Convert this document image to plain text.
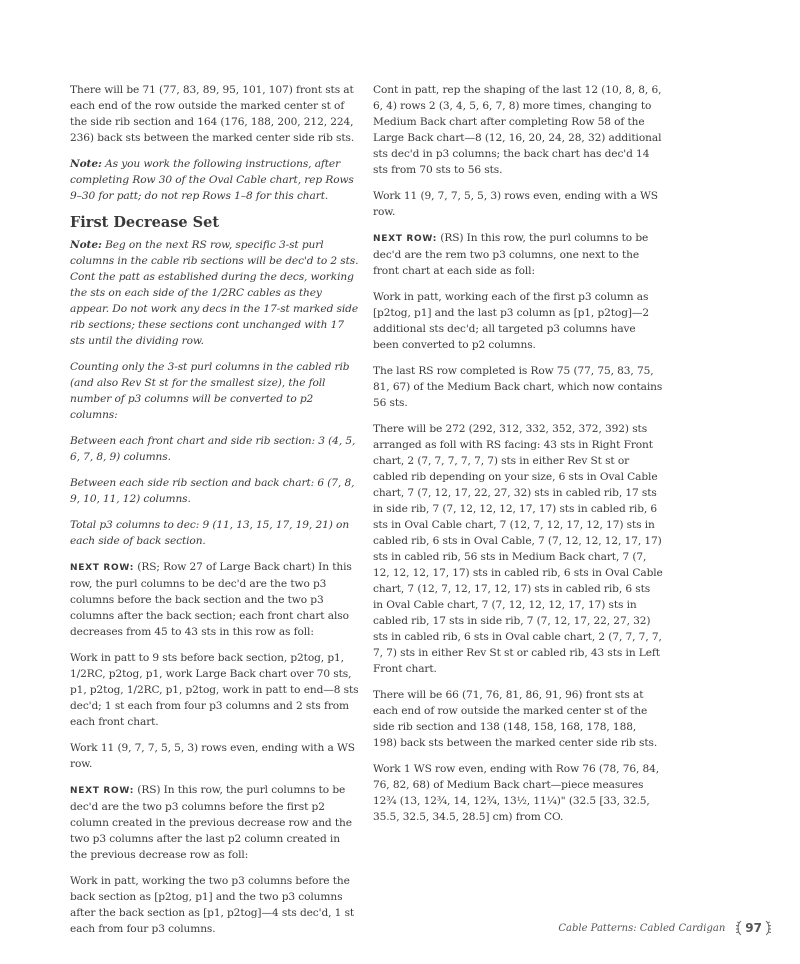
There will be 71 (77, 83, 89, 95, 101, 107) front sts at each end of the row outside the marked center st of the side rib section and 164 (176, 188, 200, 212, 224, 236) back sts between the marked center side rib sts.

Note: As you work the following instructions, after completing Row 30 of the Oval Cable chart, rep Rows 9–30 for patt; do not rep Rows 1–8 for this chart.

First Decrease Set

Note: Beg on the next RS row, specific 3-st purl columns in the cable rib sections will be dec'd to 2 sts. Cont the patt as established during the decs, working the sts on each side of the 1/2RC cables as they appear. Do not work any decs in the 17-st marked side rib sections; these sections cont unchanged with 17 sts until the dividing row.

Counting only the 3-st purl columns in the cabled rib (and also Rev St st for the smallest size), the foll number of p3 columns will be converted to p2 columns:

Between each front chart and side rib section: 3 (4, 5, 6, 7, 8, 9) columns.

Between each side rib section and back chart: 6 (7, 8, 9, 10, 11, 12) columns.

Total p3 columns to dec: 9 (11, 13, 15, 17, 19, 21) on each side of back section.

NEXT ROW: (RS; Row 27 of Large Back chart) In this row, the purl columns to be dec'd are the two p3 columns before the back section and the two p3 columns after the back section; each front chart also decreases from 45 to 43 sts in this row as foll:

Work in patt to 9 sts before back section, p2tog, p1, 1/2RC, p2tog, p1, work Large Back chart over 70 sts, p1, p2tog, 1/2RC, p1, p2tog, work in patt to end—8 sts dec'd; 1 st each from four p3 columns and 2 sts from each front chart.

Work 11 (9, 7, 7, 5, 5, 3) rows even, ending with a WS row.

NEXT ROW: (RS) In this row, the purl columns to be dec'd are the two p3 columns before the first p2 column created in the previous decrease row and the two p3 columns after the last p2 column created in the previous decrease row as foll:

Work in patt, working the two p3 columns before the back section as [p2tog, p1] and the two p3 columns after the back section as [p1, p2tog]—4 sts dec'd, 1 st each from four p3 columns.

Cont in patt, rep the shaping of the last 12 (10, 8, 8, 6, 6, 4) rows 2 (3, 4, 5, 6, 7, 8) more times, changing to Medium Back chart after completing Row 58 of the Large Back chart—8 (12, 16, 20, 24, 28, 32) additional sts dec'd in p3 columns; the back chart has dec'd 14 sts from 70 sts to 56 sts.

Work 11 (9, 7, 7, 5, 5, 3) rows even, ending with a WS row.

NEXT ROW: (RS) In this row, the purl columns to be dec'd are the rem two p3 columns, one next to the front chart at each side as foll:

Work in patt, working each of the first p3 column as [p2tog, p1] and the last p3 column as [p1, p2tog]—2 additional sts dec'd; all targeted p3 columns have been converted to p2 columns.

The last RS row completed is Row 75 (77, 75, 83, 75, 81, 67) of the Medium Back chart, which now contains 56 sts.

There will be 272 (292, 312, 332, 352, 372, 392) sts arranged as foll with RS facing: 43 sts in Right Front chart, 2 (7, 7, 7, 7, 7, 7) sts in either Rev St st or cabled rib depending on your size, 6 sts in Oval Cable chart, 7 (7, 12, 17, 22, 27, 32) sts in cabled rib, 17 sts in side rib, 7 (7, 12, 12, 12, 17, 17) sts in cabled rib, 6 sts in Oval Cable chart, 7 (12, 7, 12, 17, 12, 17) sts in cabled rib, 6 sts in Oval Cable, 7 (7, 12, 12, 12, 17, 17) sts in cabled rib, 56 sts in Medium Back chart, 7 (7, 12, 12, 12, 17, 17) sts in cabled rib, 6 sts in Oval Cable chart, 7 (12, 7, 12, 17, 12, 17) sts in cabled rib, 6 sts in Oval Cable chart, 7 (7, 12, 12, 12, 17, 17) sts in cabled rib, 17 sts in side rib, 7 (7, 12, 17, 22, 27, 32) sts in cabled rib, 6 sts in Oval cable chart, 2 (7, 7, 7, 7, 7, 7) sts in either Rev St st or cabled rib, 43 sts in Left Front chart.

There will be 66 (71, 76, 81, 86, 91, 96) front sts at each end of row outside the marked center st of the side rib section and 138 (148, 158, 168, 178, 188, 198) back sts between the marked center side rib sts.

Work 1 WS row even, ending with Row 76 (78, 76, 84, 76, 82, 68) of Medium Back chart—piece measures 12¾ (13, 12¾, 14, 12¾, 13½, 11¼)" (32.5 [33, 32.5, 35.5, 32.5, 34.5, 28.5] cm) from CO.

Cable Patterns: Cabled Cardigan 97
